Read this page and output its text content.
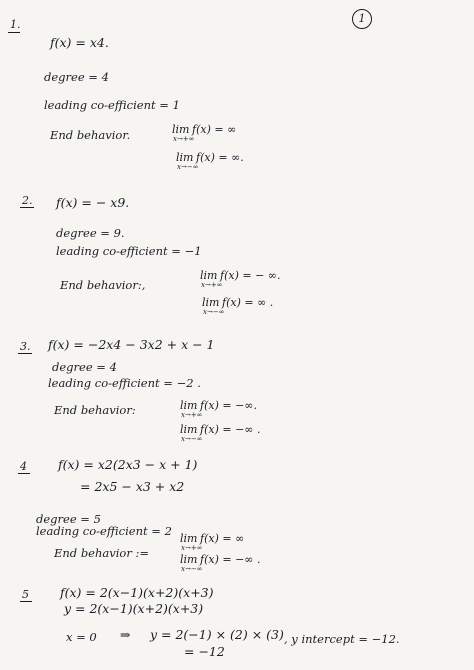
1
1.
f(x) = x4.
degree = 4
leading co-efficient = 1
End behavior.	lim
x→+∞
f(x) = ∞
lim
x→−∞
f(x) = ∞.
2. f(x) = − x9.
degree = 9.
leading co-efficient = −1
End behavior:,
lim
x→+∞
f(x) = − ∞.
lim
x→−∞
f(x) = ∞ .
3. f(x) = −2x4 − 3x2 + x − 1
degree = 4
leading co-efficient = −2 .
End behavior:	lim
x→+∞
f(x) = −∞.
lim
x→−∞
f(x) = −∞ .
4 f(x) = x2(2x3 − x + 1)
= 2x5 − x3 + x2
degree = 5
leading co-efficient = 2
End behavior :=
lim
x→+∞
f(x) = ∞
lim
x→−∞
f(x) = −∞ .
5 f(x) = 2(x−1)(x+2)(x+3)
y = 2(x−1)(x+2)(x+3)
x = 0 ⇒ y = 2(−1) × (2) × (3)
= −12
, y intercept = −12.
